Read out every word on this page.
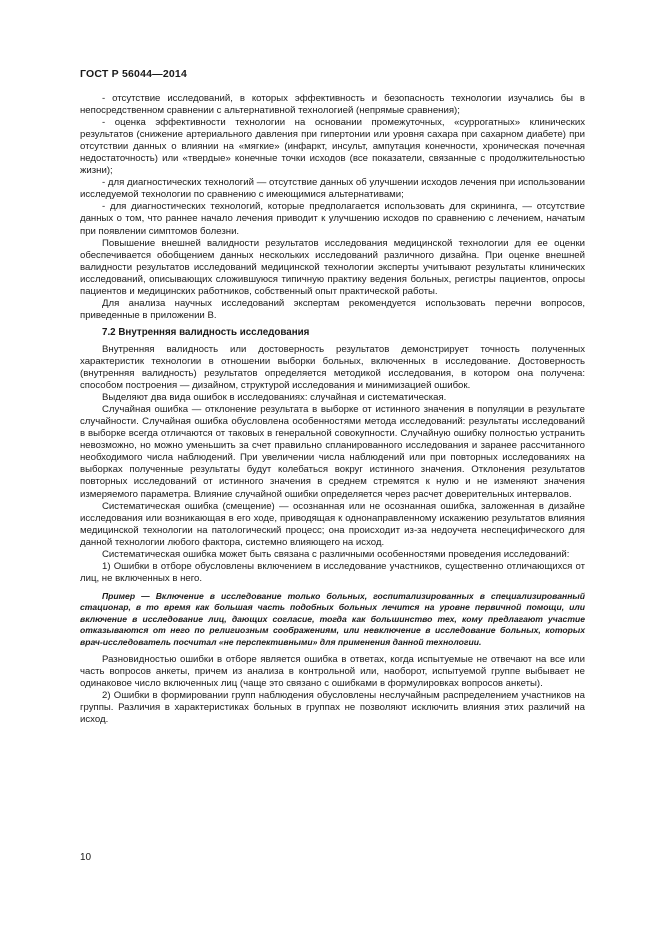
ГОСТ Р 56044—2014

- отсутствие исследований, в которых эффективность и безопасность технологии изучались бы в непосредственном сравнении с альтернативной технологией (непрямые сравнения);

- оценка эффективности технологии на основании промежуточных, «суррогатных» клинических результатов (снижение артериального давления при гипертонии или уровня сахара при сахарном диабете) при отсутствии данных о влиянии на «мягкие» (инфаркт, инсульт, ампутация конечности, хроническая почечная недостаточность) или «твердые» конечные точки исходов (все показатели, связанные с продолжительностью жизни);

- для диагностических технологий — отсутствие данных об улучшении исходов лечения при использовании исследуемой технологии по сравнению с имеющимися альтернативами;

- для диагностических технологий, которые предполагается использовать для скрининга, — отсутствие данных о том, что раннее начало лечения приводит к улучшению исходов по сравнению с лечением, начатым при появлении симптомов болезни.

Повышение внешней валидности результатов исследования медицинской технологии для ее оценки обеспечивается обобщением данных нескольких исследований различного дизайна. При оценке внешней валидности результатов исследований медицинской технологии эксперты учитывают результаты клинических исследований, описывающих сложившуюся типичную практику ведения больных, регистры пациентов, опросы пациентов и медицинских работников, собственный опыт практической работы.

Для анализа научных исследований экспертам рекомендуется использовать перечни вопросов, приведенные в приложении В.

7.2 Внутренняя валидность исследования

Внутренняя валидность или достоверность результатов демонстрирует точность полученных характеристик технологии в отношении выборки больных, включенных в исследование. Достоверность (внутренняя валидность) результатов определяется методикой исследования, в котором она получена: способом построения — дизайном, структурой исследования и минимизацией ошибок.

Выделяют два вида ошибок в исследованиях: случайная и систематическая.

Случайная ошибка — отклонение результата в выборке от истинного значения в популяции в результате случайности. Случайная ошибка обусловлена особенностями метода исследований: результаты исследований в выборке всегда отличаются от таковых в генеральной совокупности. Случайную ошибку полностью устранить невозможно, но можно уменьшить за счет правильно спланированного исследования и заранее рассчитанного необходимого числа наблюдений. При увеличении числа наблюдений или при повторных исследованиях на выборках полученные результаты будут колебаться вокруг истинного значения. Отклонения результатов повторных исследований от истинного значения в среднем стремятся к нулю и не изменяют значения измеряемого параметра. Влияние случайной ошибки определяется через расчет доверительных интервалов.

Систематическая ошибка (смещение) — осознанная или не осознанная ошибка, заложенная в дизайне исследования или возникающая в его ходе, приводящая к однонаправленному искажению результатов влияния медицинской технологии на патологический процесс; она происходит из-за недоучета неспецифического для данной технологии любого фактора, системно влияющего на исход.

Систематическая ошибка может быть связана с различными особенностями проведения исследований:

1) Ошибки в отборе обусловлены включением в исследование участников, существенно отличающихся от лиц, не включенных в него.

Пример — Включение в исследование только больных, госпитализированных в специализированный стационар, в то время как большая часть подобных больных лечится на уровне первичной помощи, или включение в исследование лиц, дающих согласие, тогда как большинство тех, кому предлагают участие отказываются от него по религиозным соображениям, или невключение в исследование больных, которых врач-исследователь посчитал «не перспективными» для применения данной технологии.

Разновидностью ошибки в отборе является ошибка в ответах, когда испытуемые не отвечают на все или часть вопросов анкеты, причем из анализа в контрольной или, наоборот, испытуемой группе выбывает не одинаковое число включенных лиц (чаще это связано с ошибками в формулировках вопросов анкеты).

2) Ошибки в формировании групп наблюдения обусловлены неслучайным распределением участников на группы. Различия в характеристиках больных в группах не позволяют исключить влияния этих различий на исход.

10
